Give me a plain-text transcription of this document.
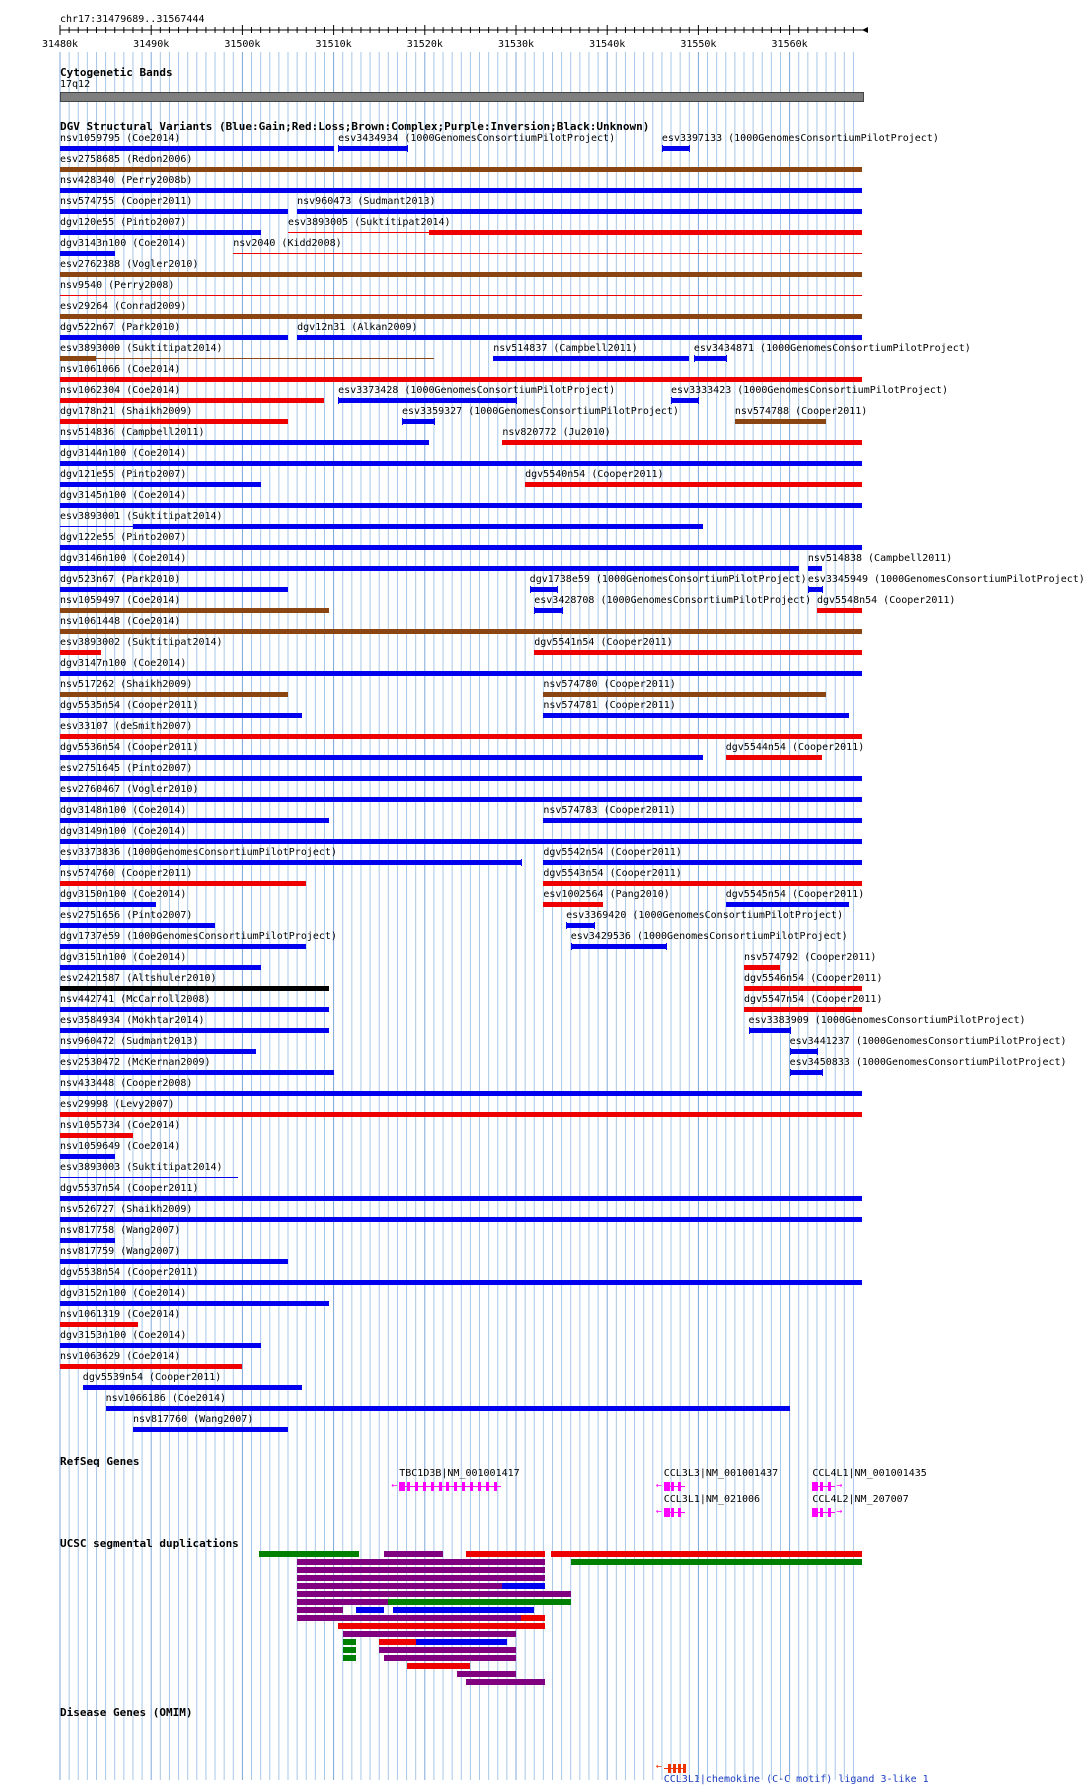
chr17:31479689..31567444
31480k	31490k	31500k	31510k	31520k	31530k	31540k	31550k	31560k
Cytogenetic Bands
17q12
DGV Structural Variants (Blue:Gain;Red:Loss;Brown:Complex;Purple:Inversion;Black:Unknown)
nsv1059795 (Coe2014)	esv3434934 (1000GenomesConsortiumPilotProject)	esv3397133 (1000GenomesConsortiumPilotProject)
esv2758685 (Redon2006)
nsv428340 (Perry2008b)
nsv574755 (Cooper2011)	nsv960473 (Sudmant2013)
dgv120e55 (Pinto2007)	esv3893005 (Suktitipat2014)
dgv3143n100 (Coe2014)	nsv2040 (Kidd2008)
esv2762388 (Vogler2010)
nsv9540 (Perry2008)
esv29264 (Conrad2009)
dgv522n67 (Park2010)	dgv12n31 (Alkan2009)
esv3893000 (Suktitipat2014)	nsv514837 (Campbell2011)	esv3434871 (1000GenomesConsortiumPilotProject)
nsv1061066 (Coe2014)
nsv1062304 (Coe2014)	esv3373428 (1000GenomesConsortiumPilotProject)	esv3333423 (1000GenomesConsortiumPilotProject)
dgv178n21 (Shaikh2009)	esv3359327 (1000GenomesConsortiumPilotProject)	nsv574788 (Cooper2011)
nsv514836 (Campbell2011)	nsv820772 (Ju2010)
dgv3144n100 (Coe2014)
dgv121e55 (Pinto2007)	dgv5540n54 (Cooper2011)
dgv3145n100 (Coe2014)
esv3893001 (Suktitipat2014)
dgv122e55 (Pinto2007)
dgv3146n100 (Coe2014)	nsv514838 (Campbell2011)
dgv523n67 (Park2010)	dgv1738e59 (1000GenomesConsortiumPilotProject) esv3345949 (1000GenomesConsortiumPilotProject)
nsv1059497 (Coe2014)	esv3428708 (1000GenomesConsortiumPilotProject) dgv5548n54 (Cooper2011)
nsv1061448 (Coe2014)
esv3893002 (Suktitipat2014)	dgv5541n54 (Cooper2011)
dgv3147n100 (Coe2014)
nsv517262 (Shaikh2009)	nsv574780 (Cooper2011)
dgv5535n54 (Cooper2011)	nsv574781 (Cooper2011)
esv33107 (deSmith2007)
dgv5536n54 (Cooper2011)	dgv5544n54 (Cooper2011)
esv2751645 (Pinto2007)
esv2760467 (Vogler2010)
dgv3148n100 (Coe2014)	nsv574783 (Cooper2011)
dgv3149n100 (Coe2014)
esv3373836 (1000GenomesConsortiumPilotProject)	dgv5542n54 (Cooper2011)
nsv574760 (Cooper2011)	dgv5543n54 (Cooper2011)
dgv3150n100 (Coe2014)	esv1002564 (Pang2010)	dgv5545n54 (Cooper2011)
esv2751656 (Pinto2007)	esv3369420 (1000GenomesConsortiumPilotProject)
dgv1737e59 (1000GenomesConsortiumPilotProject)	esv3429536 (1000GenomesConsortiumPilotProject)
dgv3151n100 (Coe2014)	nsv574792 (Cooper2011)
esv2421587 (Altshuler2010)	dgv5546n54 (Cooper2011)
nsv442741 (McCarroll2008)	dgv5547n54 (Cooper2011)
esv3584934 (Mokhtar2014)	esv3383909 (1000GenomesConsortiumPilotProject)
nsv960472 (Sudmant2013)	esv3441237 (1000GenomesConsortiumPilotProject)
esv2530472 (McKernan2009)	esv3450833 (1000GenomesConsortiumPilotProject)
nsv433448 (Cooper2008)
esv29998 (Levy2007)
nsv1055734 (Coe2014)
nsv1059649 (Coe2014)
esv3893003 (Suktitipat2014)
dgv5537n54 (Cooper2011)
nsv526727 (Shaikh2009)
nsv817758 (Wang2007)
nsv817759 (Wang2007)
dgv5538n54 (Cooper2011)
dgv3152n100 (Coe2014)
nsv1061319 (Coe2014)
dgv3153n100 (Coe2014)
nsv1063629 (Coe2014)
dgv5539n54 (Cooper2011)
nsv1066186 (Coe2014)
nsv817760 (Wang2007)
RefSeq Genes
TBC1D3B|NM_001001417
←
CCL3L3|NM_001001437
←
CCL4L1|NM_001001435
→
CCL3L1|NM_021006
←
CCL4L2|NM_207007
→
UCSC segmental duplications
Disease Genes (OMIM)
←
CCL3L1|chemokine (C-C motif) ligand 3-like 1
